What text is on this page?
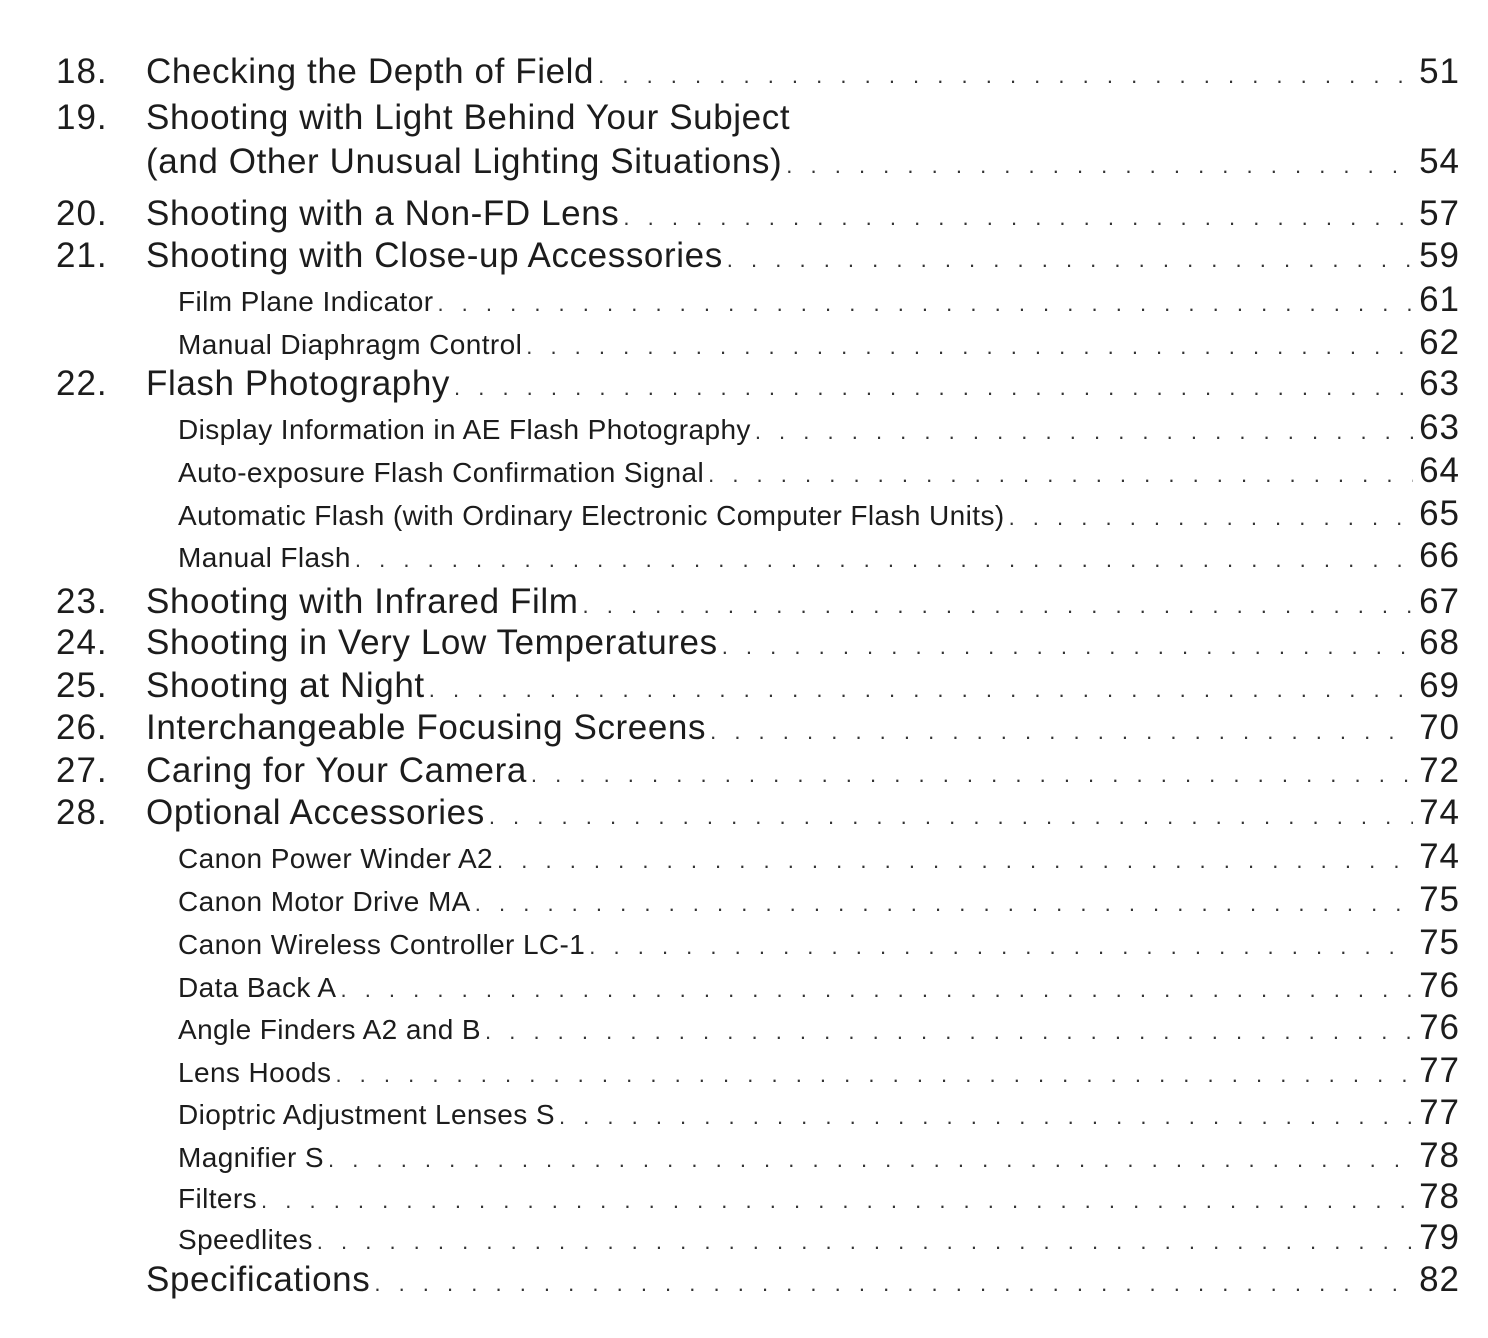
18. Checking the Depth of Field . . .	51
19. Shooting with Light Behind Your Subject
(and Other Unusual Lighting Situations) . . .	54
20. Shooting with a Non-FD Lens . . .	57
21. Shooting with Close-up Accessories . . .	59
Film Plane Indicator . . .	61
Manual Diaphragm Control . . .	62
22. Flash Photography . . .	63
Display Information in AE Flash Photography . . .	63
Auto-exposure Flash Confirmation Signal . . .	64
Automatic Flash (with Ordinary Electronic Computer Flash Units) . . .	65
Manual Flash . . .	66
23. Shooting with Infrared Film . . .	67
24. Shooting in Very Low Temperatures . . .	68
25. Shooting at Night . . .	69
26. Interchangeable Focusing Screens . . .	70
27. Caring for Your Camera . . .	72
28. Optional Accessories . . .	74
Canon Power Winder A2 . . .	74
Canon Motor Drive MA . . .	75
Canon Wireless Controller LC-1 . . .	75
Data Back A . . .	76
Angle Finders A2 and B . . .	76
Lens Hoods . . .	77
Dioptric Adjustment Lenses S . . .	77
Magnifier S . . .	78
Filters . . .	78
Speedlites . . .	79
Specifications . . .	82
